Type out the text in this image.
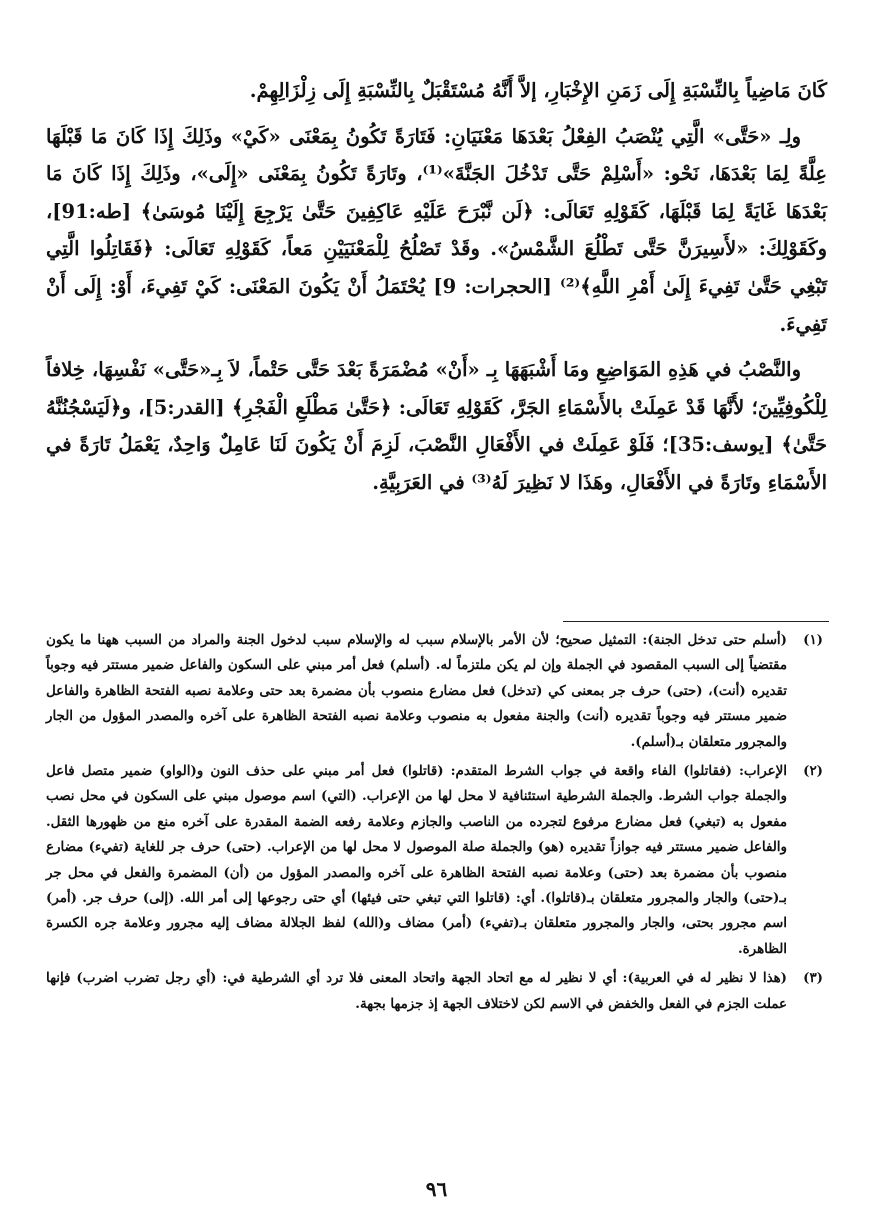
كَانَ مَاضِياً بِالنِّسْبَةِ إِلَى زَمَنِ الإِخْبَارِ، إلاَّ أَنَّهُ مُسْتَقْبَلٌ بِالنِّسْبَةِ إِلَى زِلْزَالِهِمْ.

ولِـ «حَتَّى» الَّتِي يُنْصَبُ الفِعْلُ بَعْدَهَا مَعْنَيَانِ: فَتَارَةً تَكُونُ بِمَعْنَى «كَيْ» وذَلِكَ إِذَا كَانَ مَا قَبْلَهَا عِلَّةً لِمَا بَعْدَهَا، نَحْو: «أَسْلِمْ حَتَّى تَدْخُلَ الجَنَّةَ»⁽¹⁾، وتَارَةً تَكُونُ بِمَعْنَى «إِلَى»، وذَلِكَ إِذَا كَانَ مَا بَعْدَهَا غَايَةً لِمَا قَبْلَهَا، كَقَوْلِهِ تَعَالَى: ﴿لَن نَّبْرَحَ عَلَيْهِ عَاكِفِينَ حَتَّىٰ يَرْجِعَ إِلَيْنَا مُوسَىٰ﴾ [طه:91]، وكَقَوْلِكَ: «لأَسِيرَنَّ حَتَّى تَطْلُعَ الشَّمْسُ». وقَدْ تَصْلُحُ لِلْمَعْنَيَيْنِ مَعاً، كَقَوْلِهِ تَعَالَى: ﴿فَقَاتِلُوا الَّتِي تَبْغِي حَتَّىٰ تَفِيءَ إِلَىٰ أَمْرِ اللَّهِ﴾⁽²⁾ [الحجرات: 9] يُحْتَمَلُ أَنْ يَكُونَ المَعْنَى: كَيْ تَفِيءَ، أَوْ: إِلَى أَنْ تَفِيءَ.

والنَّصْبُ في هَذِهِ المَوَاضِعِ ومَا أَشْبَهَهَا بِـ «أَنْ» مُضْمَرَةً بَعْدَ حَتَّى حَتْماً، لاَ بِـ«حَتَّى» نَفْسِهَا، خِلافاً لِلْكُوفِيِّينَ؛ لأَنَّهَا قَدْ عَمِلَتْ بالأَسْمَاءِ الجَرَّ، كَقَوْلِهِ تَعَالَى: ﴿حَتَّىٰ مَطْلَعِ الْفَجْرِ﴾ [القدر:5]، و﴿لَيَسْجُنُنَّهُ حَتَّىٰ﴾ [يوسف:35]؛ فَلَوْ عَمِلَتْ في الأَفْعَالِ النَّصْبَ، لَزِمَ أَنْ يَكُونَ لَنَا عَامِلٌ وَاحِدٌ، يَعْمَلُ تَارَةً في الأَسْمَاءِ وتَارَةً في الأَفْعَالِ، وهَذَا لا نَظِيرَ لَهُ⁽³⁾ في العَرَبِيَّةِ.

(١)
(أسلم حتى تدخل الجنة): التمثيل صحيح؛ لأن الأمر بالإسلام سبب له والإسلام سبب لدخول الجنة والمراد من السبب ههنا ما يكون مقتضياً إلى السبب المقصود في الجملة وإن لم يكن ملتزماً له. (أسلم) فعل أمر مبني على السكون والفاعل ضمير مستتر فيه وجوباً تقديره (أنت)، (حتى) حرف جر بمعنى كي (تدخل) فعل مضارع منصوب بأن مضمرة بعد حتى وعلامة نصبه الفتحة الظاهرة والفاعل ضمير مستتر فيه وجوباً تقديره (أنت) والجنة مفعول به منصوب وعلامة نصبه الفتحة الظاهرة على آخره والمصدر المؤول من الجار والمجرور متعلقان بـ(أسلم).
(٢)
الإعراب: (فقاتلوا) الفاء واقعة في جواب الشرط المتقدم: (قاتلوا) فعل أمر مبني على حذف النون و(الواو) ضمير متصل فاعل والجملة جواب الشرط. والجملة الشرطية استئنافية لا محل لها من الإعراب. (التي) اسم موصول مبني على السكون في محل نصب مفعول به (تبغي) فعل مضارع مرفوع لتجرده من الناصب والجازم وعلامة رفعه الضمة المقدرة على آخره منع من ظهورها الثقل. والفاعل ضمير مستتر فيه جوازاً تقديره (هو) والجملة صلة الموصول لا محل لها من الإعراب. (حتى) حرف جر للغاية (تفيء) مضارع منصوب بأن مضمرة بعد (حتى) وعلامة نصبه الفتحة الظاهرة على آخره والمصدر المؤول من (أن) المضمرة والفعل في محل جر بـ(حتى) والجار والمجرور متعلقان بـ(قاتلوا). أي: (قاتلوا التي تبغي حتى فيئها) أي حتى رجوعها إلى أمر الله. (إلى) حرف جر. (أمر) اسم مجرور بحتى، والجار والمجرور متعلقان بـ(تفيء) (أمر) مضاف و(الله) لفظ الجلالة مضاف إليه مجرور وعلامة جره الكسرة الظاهرة.
(٣)
(هذا لا نظير له في العربية): أي لا نظير له مع اتحاد الجهة واتحاد المعنى فلا ترد أي الشرطية في: (أي رجل تضرب اضرب) فإنها عملت الجزم في الفعل والخفض في الاسم لكن لاختلاف الجهة إذ جزمها بجهة.
٩٦
